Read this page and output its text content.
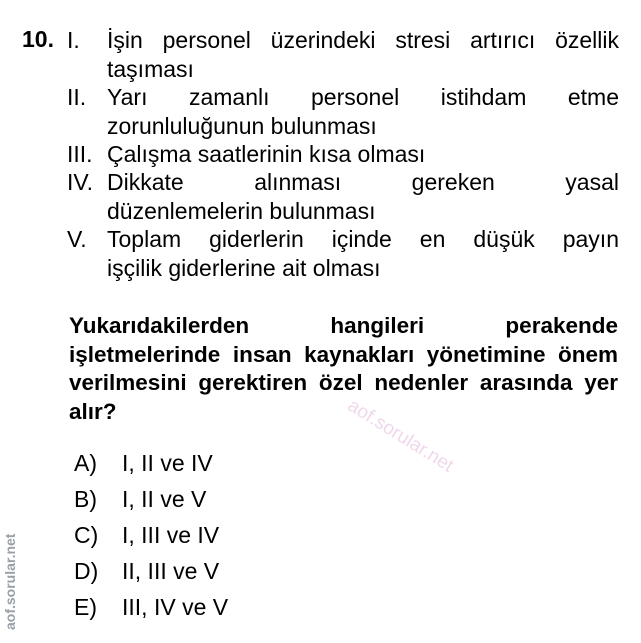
10. I. İşin personel üzerindeki stresi artırıcı özellik
taşıması
II. Yarı zamanlı personel istihdam etme
zorunluluğunun bulunması
III. Çalışma saatlerinin kısa olması
IV. Dikkate alınması gereken yasal
düzenlemelerin bulunması
V. Toplam giderlerin içinde en düşük payın
işçilik giderlerine ait olması
Yukarıdakilerden hangileri perakende işletmelerinde insan kaynakları yönetimine önem verilmesini gerektiren özel nedenler arasında yer alır?
A) I, II ve IV
B) I, II ve V
C) I, III ve IV
D) II, III ve V
E) III, IV ve V
aof.sorular.net
aof.sorular.net
